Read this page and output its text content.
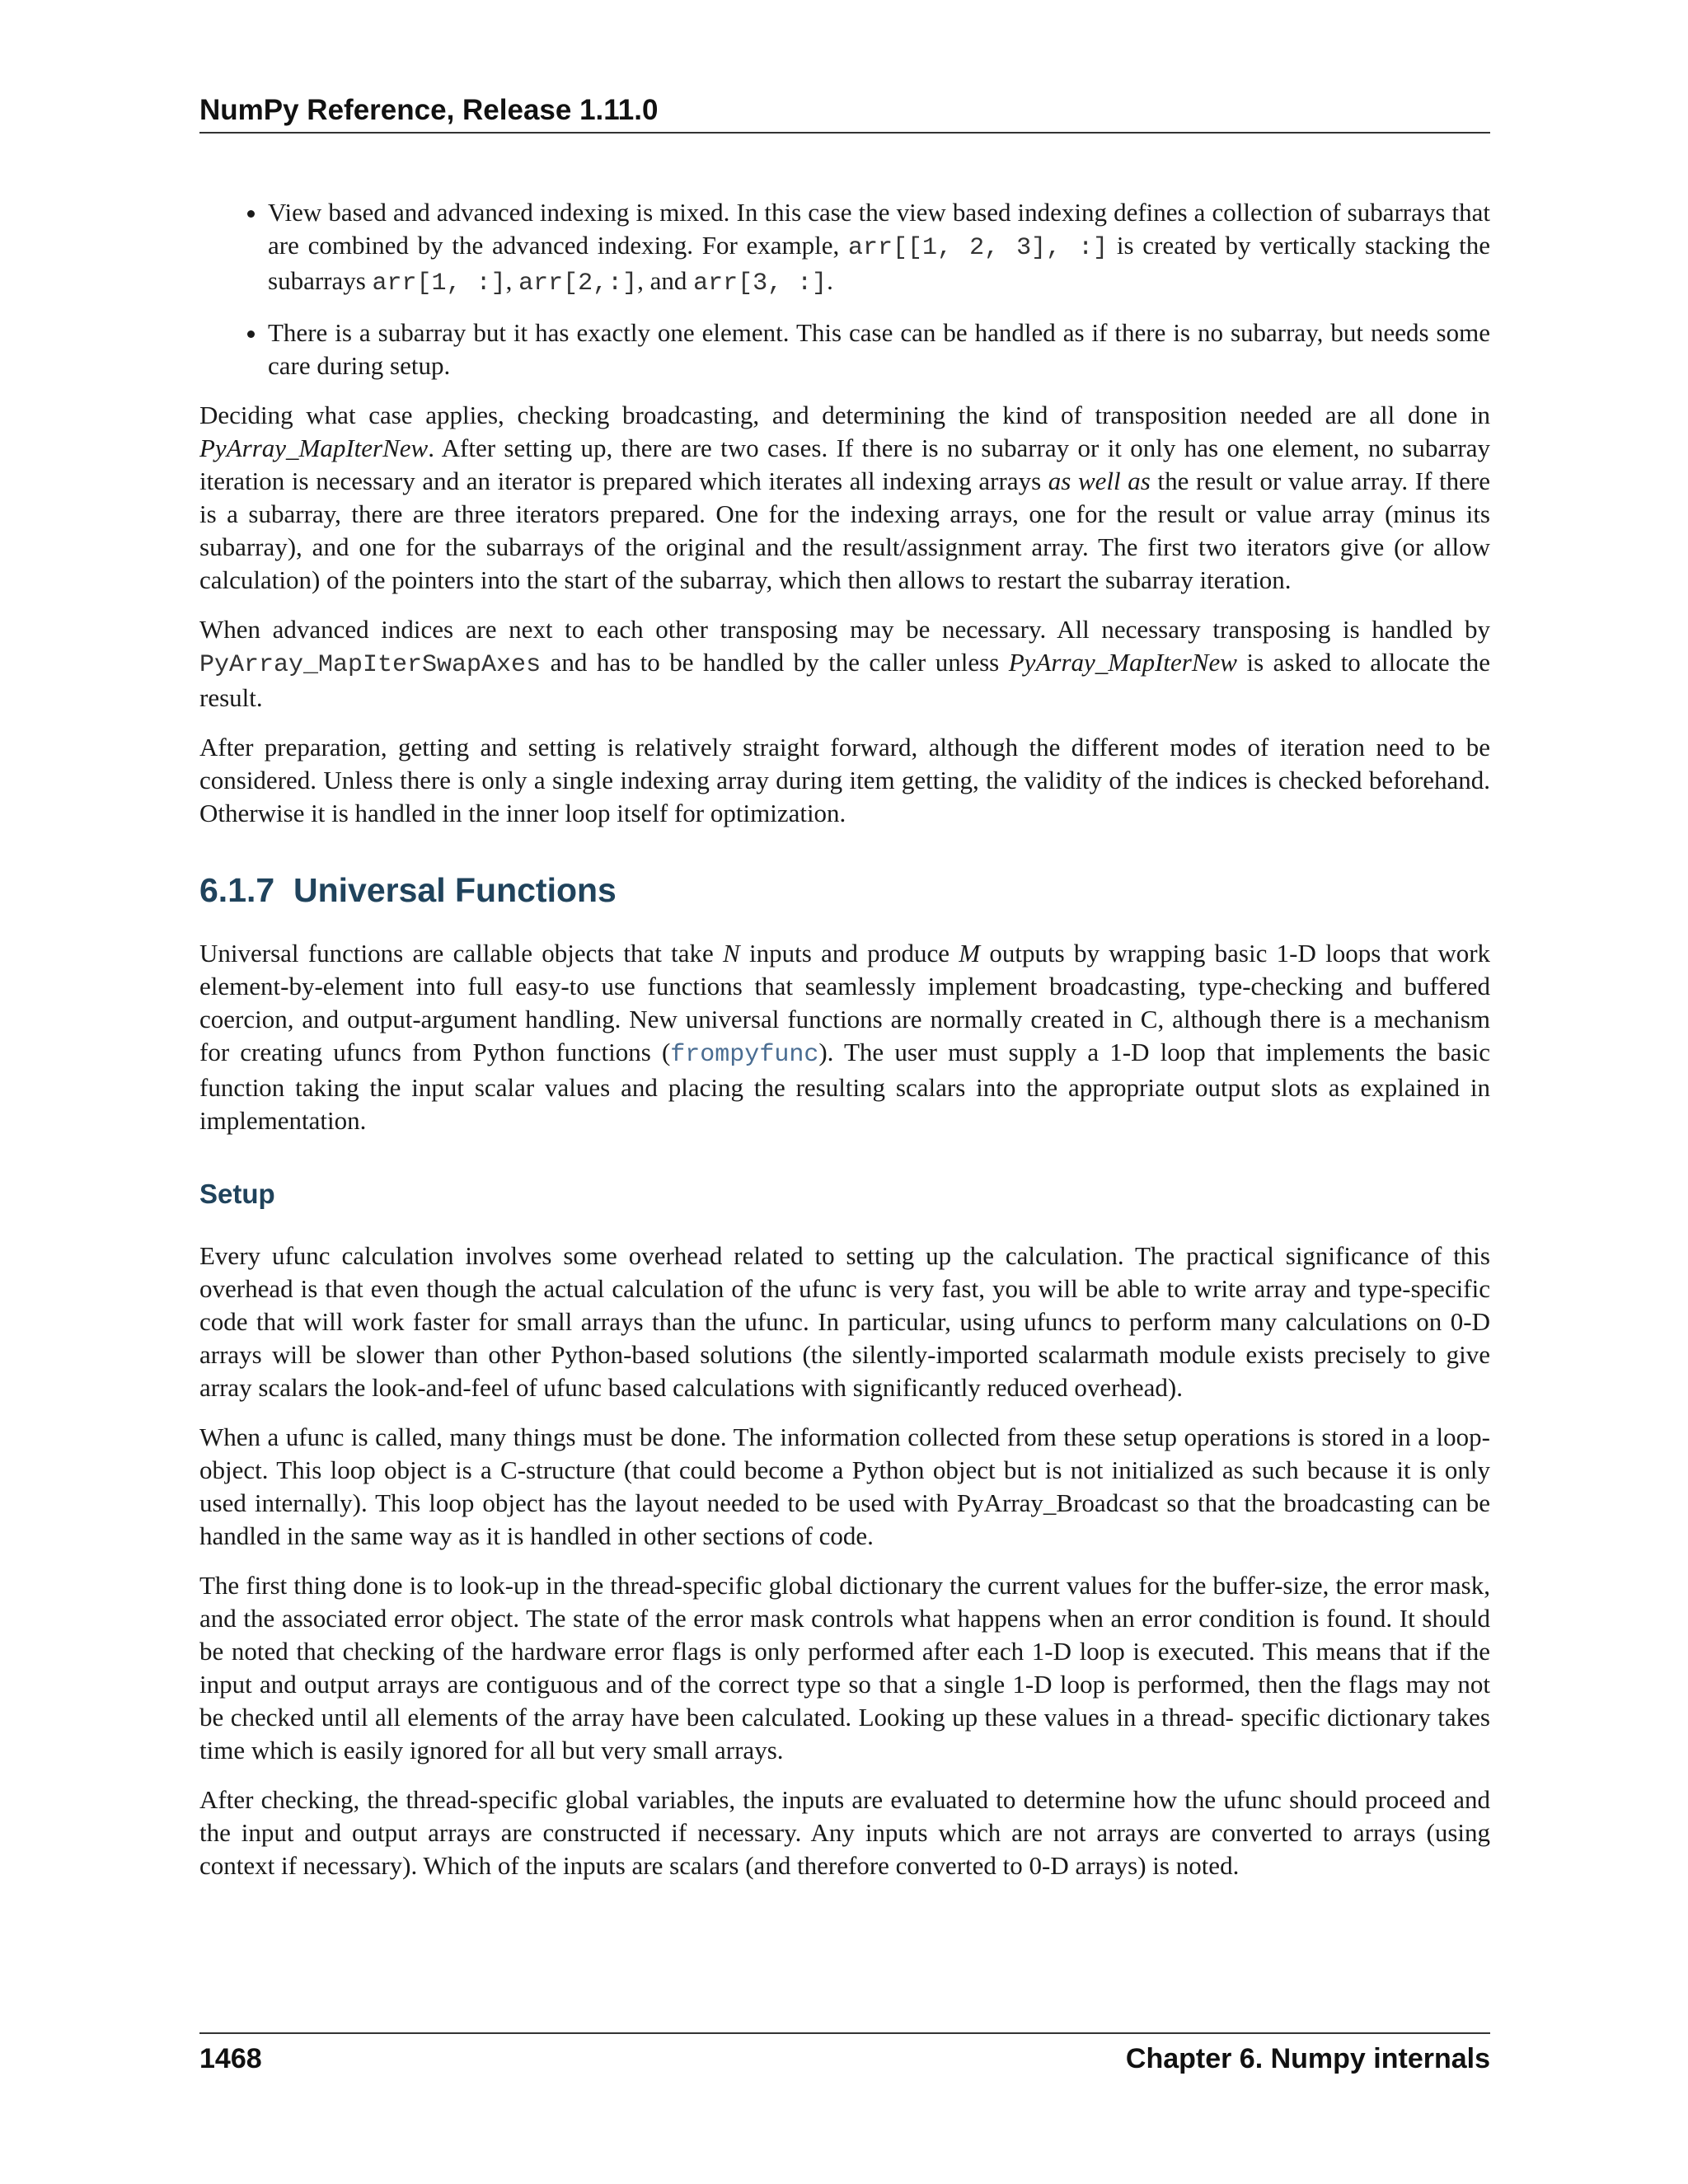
NumPy Reference, Release 1.11.0
• View based and advanced indexing is mixed. In this case the view based indexing defines a collection of subarrays that are combined by the advanced indexing. For example, arr[[1, 2, 3], :] is created by vertically stacking the subarrays arr[1, :], arr[2,:], and arr[3, :].
• There is a subarray but it has exactly one element. This case can be handled as if there is no subarray, but needs some care during setup.

Deciding what case applies, checking broadcasting, and determining the kind of transposition needed are all done in PyArray_MapIterNew. After setting up, there are two cases. If there is no subarray or it only has one element, no subarray iteration is necessary and an iterator is prepared which iterates all indexing arrays as well as the result or value array. If there is a subarray, there are three iterators prepared. One for the indexing arrays, one for the result or value array (minus its subarray), and one for the subarrays of the original and the result/assignment array. The first two iterators give (or allow calculation) of the pointers into the start of the subarray, which then allows to restart the subarray iteration.

When advanced indices are next to each other transposing may be necessary. All necessary transposing is handled by PyArray_MapIterSwapAxes and has to be handled by the caller unless PyArray_MapIterNew is asked to allocate the result.

After preparation, getting and setting is relatively straight forward, although the different modes of iteration need to be considered. Unless there is only a single indexing array during item getting, the validity of the indices is checked beforehand. Otherwise it is handled in the inner loop itself for optimization.

6.1.7 Universal Functions

Universal functions are callable objects that take N inputs and produce M outputs by wrapping basic 1-D loops that work element-by-element into full easy-to use functions that seamlessly implement broadcasting, type-checking and buffered coercion, and output-argument handling. New universal functions are normally created in C, although there is a mechanism for creating ufuncs from Python functions (frompyfunc). The user must supply a 1-D loop that implements the basic function taking the input scalar values and placing the resulting scalars into the appropriate output slots as explained in implementation.

Setup

Every ufunc calculation involves some overhead related to setting up the calculation. The practical significance of this overhead is that even though the actual calculation of the ufunc is very fast, you will be able to write array and type-specific code that will work faster for small arrays than the ufunc. In particular, using ufuncs to perform many calculations on 0-D arrays will be slower than other Python-based solutions (the silently-imported scalarmath module exists precisely to give array scalars the look-and-feel of ufunc based calculations with significantly reduced overhead).

When a ufunc is called, many things must be done. The information collected from these setup operations is stored in a loop-object. This loop object is a C-structure (that could become a Python object but is not initialized as such because it is only used internally). This loop object has the layout needed to be used with PyArray_Broadcast so that the broadcasting can be handled in the same way as it is handled in other sections of code.

The first thing done is to look-up in the thread-specific global dictionary the current values for the buffer-size, the error mask, and the associated error object. The state of the error mask controls what happens when an error condition is found. It should be noted that checking of the hardware error flags is only performed after each 1-D loop is executed. This means that if the input and output arrays are contiguous and of the correct type so that a single 1-D loop is performed, then the flags may not be checked until all elements of the array have been calculated. Looking up these values in a thread- specific dictionary takes time which is easily ignored for all but very small arrays.

After checking, the thread-specific global variables, the inputs are evaluated to determine how the ufunc should proceed and the input and output arrays are constructed if necessary. Any inputs which are not arrays are converted to arrays (using context if necessary). Which of the inputs are scalars (and therefore converted to 0-D arrays) is noted.

1468	Chapter 6. Numpy internals
